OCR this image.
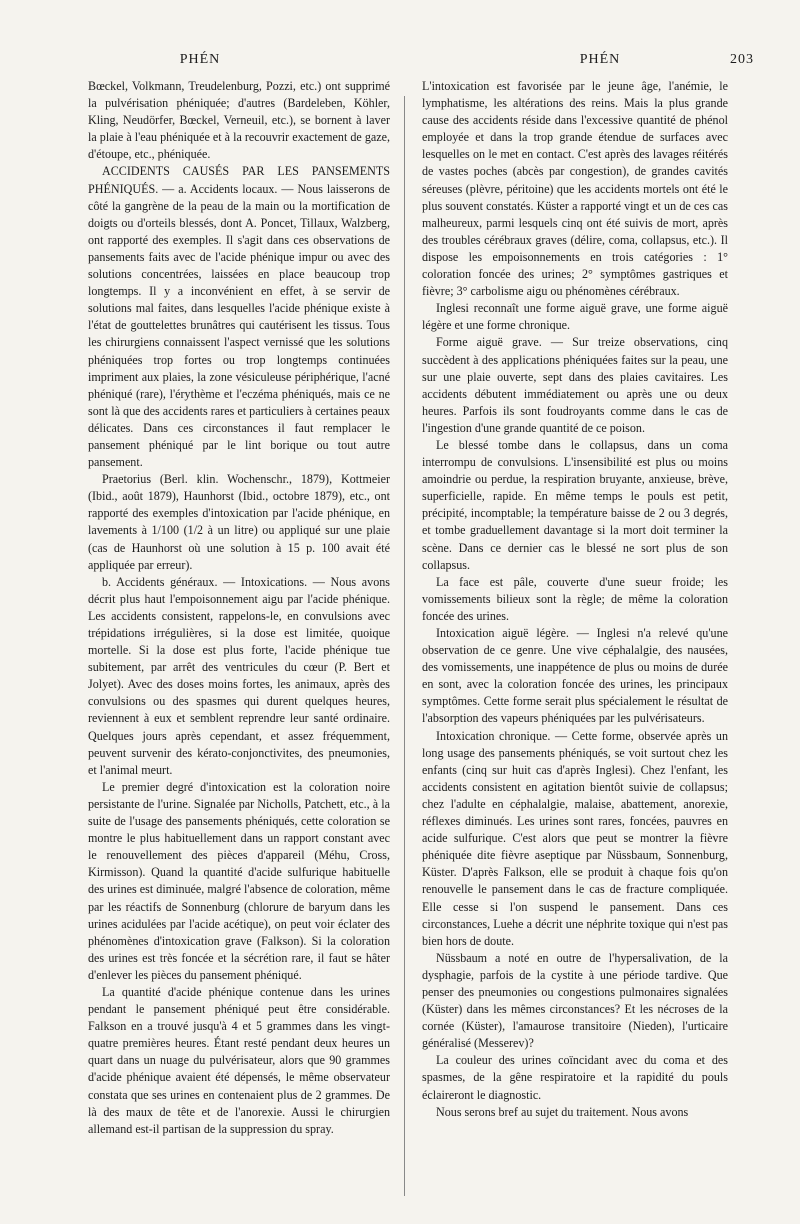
PHÉN	PHÉN	203

Bœckel, Volkmann, Treudelenburg, Pozzi, etc.) ont supprimé la pulvérisation phéniquée; d'autres (Bardeleben, Köhler, Kling, Neudörfer, Bœckel, Verneuil, etc.), se bornent à laver la plaie à l'eau phéniquée et à la recouvrir exactement de gaze, d'étoupe, etc., phéniquée.

ACCIDENTS CAUSÉS PAR LES PANSEMENTS PHÉNIQUÉS. — a. Accidents locaux. — Nous laisserons de côté la gangrène de la peau de la main ou la mortification de doigts ou d'orteils blessés, dont A. Poncet, Tillaux, Walzberg, ont rapporté des exemples. Il s'agit dans ces observations de pansements faits avec de l'acide phénique impur ou avec des solutions concentrées, laissées en place beaucoup trop longtemps. Il y a inconvénient en effet, à se servir de solutions mal faites, dans lesquelles l'acide phénique existe à l'état de gouttelettes brunâtres qui cautérisent les tissus. Tous les chirurgiens connaissent l'aspect vernissé que les solutions phéniquées trop fortes ou trop longtemps continuées impriment aux plaies, la zone vésiculeuse périphérique, l'acné phéniqué (rare), l'érythème et l'eczéma phéniqués, mais ce ne sont là que des accidents rares et particuliers à certaines peaux délicates. Dans ces circonstances il faut remplacer le pansement phéniqué par le lint borique ou tout autre pansement.

Praetorius (Berl. klin. Wochenschr., 1879), Kottmeier (Ibid., août 1879), Haunhorst (Ibid., octobre 1879), etc., ont rapporté des exemples d'intoxication par l'acide phénique, en lavements à 1/100 (1/2 à un litre) ou appliqué sur une plaie (cas de Haunhorst où une solution à 15 p. 100 avait été appliquée par erreur).

b. Accidents généraux. — Intoxications. — Nous avons décrit plus haut l'empoisonnement aigu par l'acide phénique. Les accidents consistent, rappelons-le, en convulsions avec trépidations irrégulières, si la dose est limitée, quoique mortelle. Si la dose est plus forte, l'acide phénique tue subitement, par arrêt des ventricules du cœur (P. Bert et Jolyet). Avec des doses moins fortes, les animaux, après des convulsions ou des spasmes qui durent quelques heures, reviennent à eux et semblent reprendre leur santé ordinaire. Quelques jours après cependant, et assez fréquemment, peuvent survenir des kérato-conjonctivites, des pneumonies, et l'animal meurt.

Le premier degré d'intoxication est la coloration noire persistante de l'urine. Signalée par Nicholls, Patchett, etc., à la suite de l'usage des pansements phéniqués, cette coloration se montre le plus habituellement dans un rapport constant avec le renouvellement des pièces d'appareil (Méhu, Cross, Kirmisson). Quand la quantité d'acide sulfurique habituelle des urines est diminuée, malgré l'absence de coloration, même par les réactifs de Sonnenburg (chlorure de baryum dans les urines acidulées par l'acide acétique), on peut voir éclater des phénomènes d'intoxication grave (Falkson). Si la coloration des urines est très foncée et la sécrétion rare, il faut se hâter d'enlever les pièces du pansement phéniqué.

La quantité d'acide phénique contenue dans les urines pendant le pansement phéniqué peut être considérable. Falkson en a trouvé jusqu'à 4 et 5 grammes dans les vingt-quatre premières heures. Étant resté pendant deux heures un quart dans un nuage du pulvérisateur, alors que 90 grammes d'acide phénique avaient été dépensés, le même observateur constata que ses urines en contenaient plus de 2 grammes. De là des maux de tête et de l'anorexie. Aussi le chirurgien allemand est-il partisan de la suppression du spray.

L'intoxication est favorisée par le jeune âge, l'anémie, le lymphatisme, les altérations des reins. Mais la plus grande cause des accidents réside dans l'excessive quantité de phénol employée et dans la trop grande étendue de surfaces avec lesquelles on le met en contact. C'est après des lavages réitérés de vastes poches (abcès par congestion), de grandes cavités séreuses (plèvre, péritoine) que les accidents mortels ont été le plus souvent constatés. Küster a rapporté vingt et un de ces cas malheureux, parmi lesquels cinq ont été suivis de mort, après des troubles cérébraux graves (délire, coma, collapsus, etc.). Il dispose les empoisonnements en trois catégories : 1° coloration foncée des urines; 2° symptômes gastriques et fièvre; 3° carbolisme aigu ou phénomènes cérébraux.

Inglesi reconnaît une forme aiguë grave, une forme aiguë légère et une forme chronique.

Forme aiguë grave. — Sur treize observations, cinq succèdent à des applications phéniquées faites sur la peau, une sur une plaie ouverte, sept dans des plaies cavitaires. Les accidents débutent immédiatement ou après une ou deux heures. Parfois ils sont foudroyants comme dans le cas de l'ingestion d'une grande quantité de ce poison.

Le blessé tombe dans le collapsus, dans un coma interrompu de convulsions. L'insensibilité est plus ou moins amoindrie ou perdue, la respiration bruyante, anxieuse, brève, superficielle, rapide. En même temps le pouls est petit, précipité, incomptable; la température baisse de 2 ou 3 degrés, et tombe graduellement davantage si la mort doit terminer la scène. Dans ce dernier cas le blessé ne sort plus de son collapsus.

La face est pâle, couverte d'une sueur froide; les vomissements bilieux sont la règle; de même la coloration foncée des urines.

Intoxication aiguë légère. — Inglesi n'a relevé qu'une observation de ce genre. Une vive céphalalgie, des nausées, des vomissements, une inappétence de plus ou moins de durée en sont, avec la coloration foncée des urines, les principaux symptômes. Cette forme serait plus spécialement le résultat de l'absorption des vapeurs phéniquées par les pulvérisateurs.

Intoxication chronique. — Cette forme, observée après un long usage des pansements phéniqués, se voit surtout chez les enfants (cinq sur huit cas d'après Inglesi). Chez l'enfant, les accidents consistent en agitation bientôt suivie de collapsus; chez l'adulte en céphalalgie, malaise, abattement, anorexie, réflexes diminués. Les urines sont rares, foncées, pauvres en acide sulfurique. C'est alors que peut se montrer la fièvre phéniquée dite fièvre aseptique par Nüssbaum, Sonnenburg, Küster. D'après Falkson, elle se produit à chaque fois qu'on renouvelle le pansement dans le cas de fracture compliquée. Elle cesse si l'on suspend le pansement. Dans ces circonstances, Luehe a décrit une néphrite toxique qui n'est pas bien hors de doute.

Nüssbaum a noté en outre de l'hypersalivation, de la dysphagie, parfois de la cystite à une période tardive. Que penser des pneumonies ou congestions pulmonaires signalées (Küster) dans les mêmes circonstances? Et les nécroses de la cornée (Küster), l'amaurose transitoire (Nieden), l'urticaire généralisé (Messerev)?

La couleur des urines coïncidant avec du coma et des spasmes, de la gêne respiratoire et la rapidité du pouls éclaireront le diagnostic.

Nous serons bref au sujet du traitement. Nous avons
